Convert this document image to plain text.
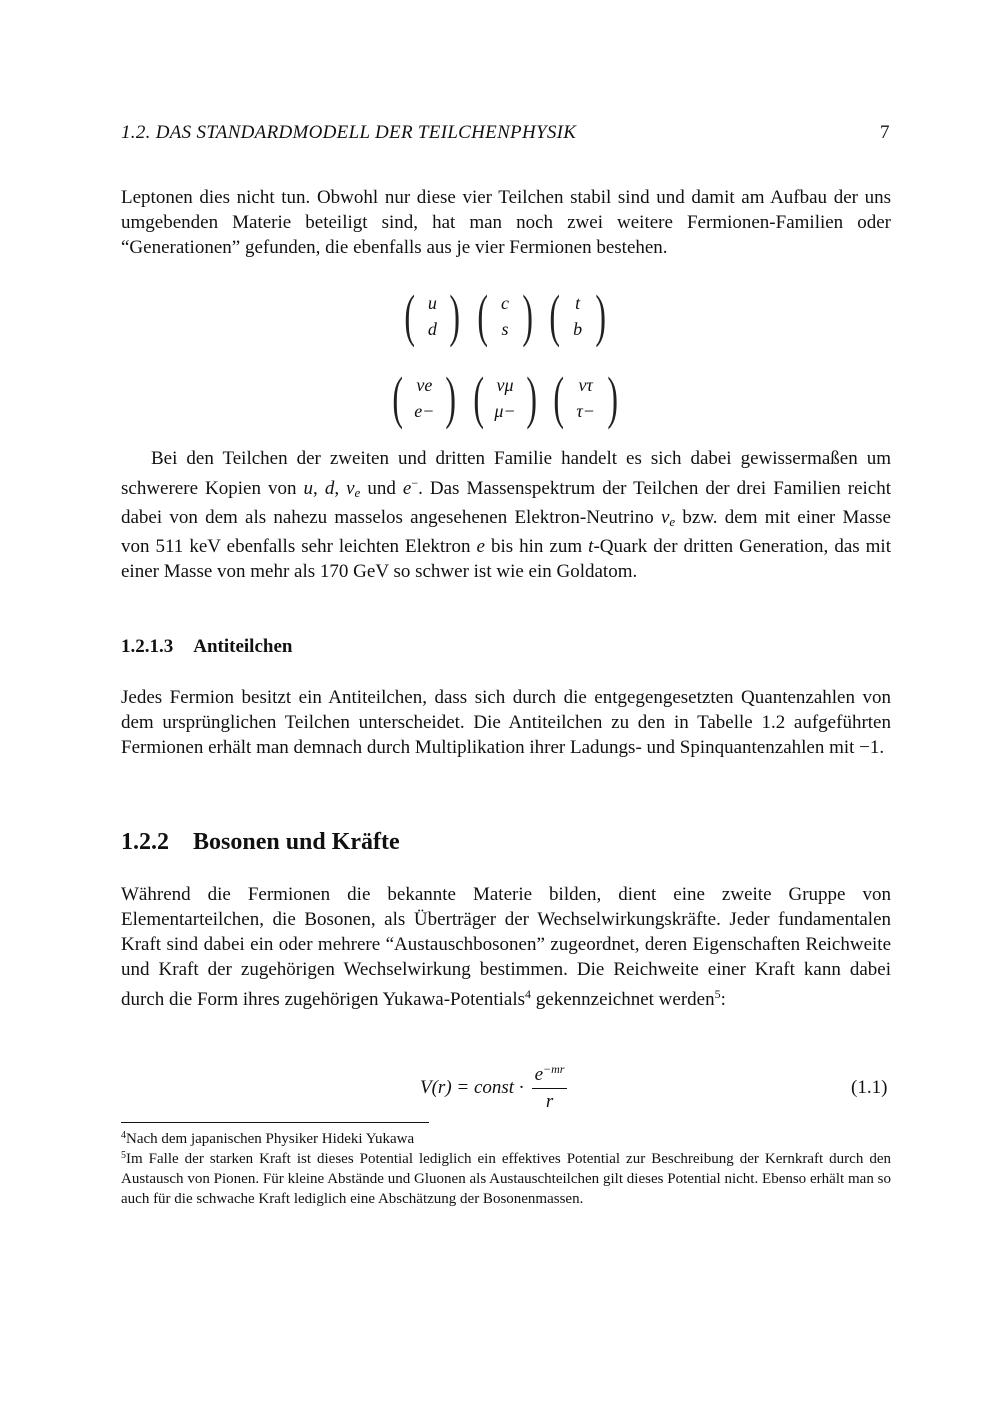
1.2. DAS STANDARDMODELL DER TEILCHENPHYSIK	7

Leptonen dies nicht tun. Obwohl nur diese vier Teilchen stabil sind und damit am Aufbau der uns umgebenden Materie beteiligt sind, hat man noch zwei weitere Fermionen-Familien oder “Generationen” gefunden, die ebenfalls aus je vier Fermionen bestehen.

( u
d ) ( c
s ) ( t
b )
( νe
e− ) ( νμ
μ− ) ( ντ
τ− )

Bei den Teilchen der zweiten und dritten Familie handelt es sich dabei gewissermaßen um schwerere Kopien von u, d, $\nu_e$ und e−. Das Massenspektrum der Teilchen der drei Familien reicht dabei von dem als nahezu masselos angesehenen Elektron-Neutrino $\nu_e$ bzw. dem mit einer Masse von 511 keV ebenfalls sehr leichten Elektron e bis hin zum t-Quark der dritten Generation, das mit einer Masse von mehr als 170 GeV so schwer ist wie ein Goldatom.

1.2.1.3 Antiteilchen

Jedes Fermion besitzt ein Antiteilchen, dass sich durch die entgegengesetzten Quantenzahlen von dem ursprünglichen Teilchen unterscheidet. Die Antiteilchen zu den in Tabelle 1.2 aufgeführten Fermionen erhält man demnach durch Multiplikation ihrer Ladungs- und Spinquantenzahlen mit −1.

1.2.2 Bosonen und Kräfte

Während die Fermionen die bekannte Materie bilden, dient eine zweite Gruppe von Elementarteilchen, die Bosonen, als Überträger der Wechselwirkungskräfte. Jeder fundamentalen Kraft sind dabei ein oder mehrere “Austauschbosonen” zugeordnet, deren Eigenschaften Reichweite und Kraft der zugehörigen Wechselwirkung bestimmen. Die Reichweite einer Kraft kann dabei durch die Form ihres zugehörigen Yukawa-Potentials$^4$ gekennzeichnet werden$^5$:

V(r) = const · $\frac{e^{-mr}}{r}$	(1.1)

$^4$Nach dem japanischen Physiker Hideki Yukawa

$^5$Im Falle der starken Kraft ist dieses Potential lediglich ein effektives Potential zur Beschreibung der Kernkraft durch den Austausch von Pionen. Für kleine Abstände und Gluonen als Austauschteilchen gilt dieses Potential nicht. Ebenso erhält man so auch für die schwache Kraft lediglich eine Abschätzung der Bosonenmassen.
